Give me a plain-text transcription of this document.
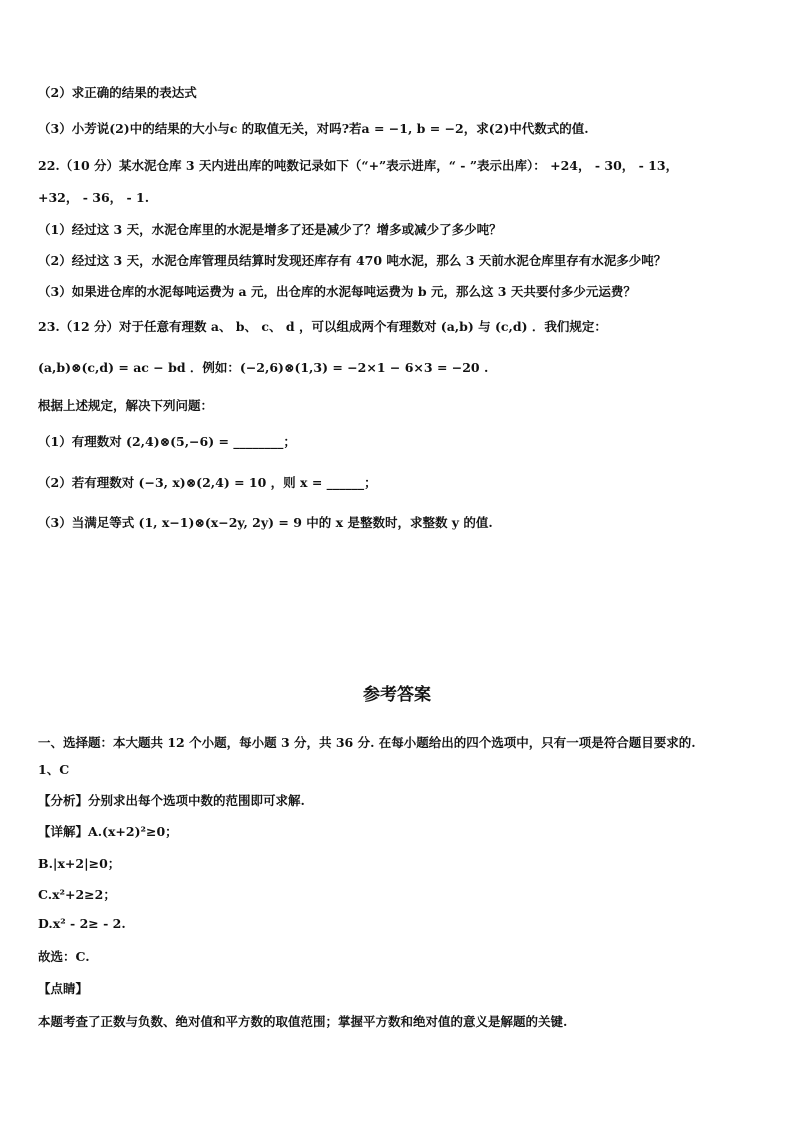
（2）求正确的结果的表达式
（3）小芳说(2)中的结果的大小与c 的取值无关，对吗?若a = −1, b = −2，求(2)中代数式的值.
22.（10 分）某水泥仓库 3 天内进出库的吨数记录如下（“+”表示进库，“ - ”表示出库）： +24， - 30， - 13，
+32， - 36， - 1.
（1）经过这 3 天，水泥仓库里的水泥是增多了还是减少了？增多或减少了多少吨？
（2）经过这 3 天，水泥仓库管理员结算时发现还库存有 470 吨水泥，那么 3 天前水泥仓库里存有水泥多少吨？
（3）如果进仓库的水泥每吨运费为 a 元，出仓库的水泥每吨运费为 b 元，那么这 3 天共要付多少元运费？
23.（12 分）对于任意有理数 a、 b、 c、 d ，可以组成两个有理数对 (a,b) 与 (c,d) ．我们规定：
(a,b)⊗(c,d) = ac − bd ．例如：(−2,6)⊗(1,3) = −2×1 − 6×3 = −20 .
根据上述规定，解决下列问题：
（1）有理数对 (2,4)⊗(5,−6) = ________；
（2）若有理数对 (−3, x)⊗(2,4) = 10 ，则 x = ______；
（3）当满足等式 (1, x−1)⊗(x−2y, 2y) = 9 中的 x 是整数时，求整数 y 的值.
一、选择题：本大题共 12 个小题，每小题 3 分，共 36 分. 在每小题给出的四个选项中，只有一项是符合题目要求的.
1、C
【分析】分别求出每个选项中数的范围即可求解.
【详解】A.(x+2)²≥0；
B.|x+2|≥0；
C.x²+2≥2；
D.x² - 2≥ - 2.
故选：C.
【点睛】
本题考查了正数与负数、绝对值和平方数的取值范围；掌握平方数和绝对值的意义是解题的关键.
参考答案
